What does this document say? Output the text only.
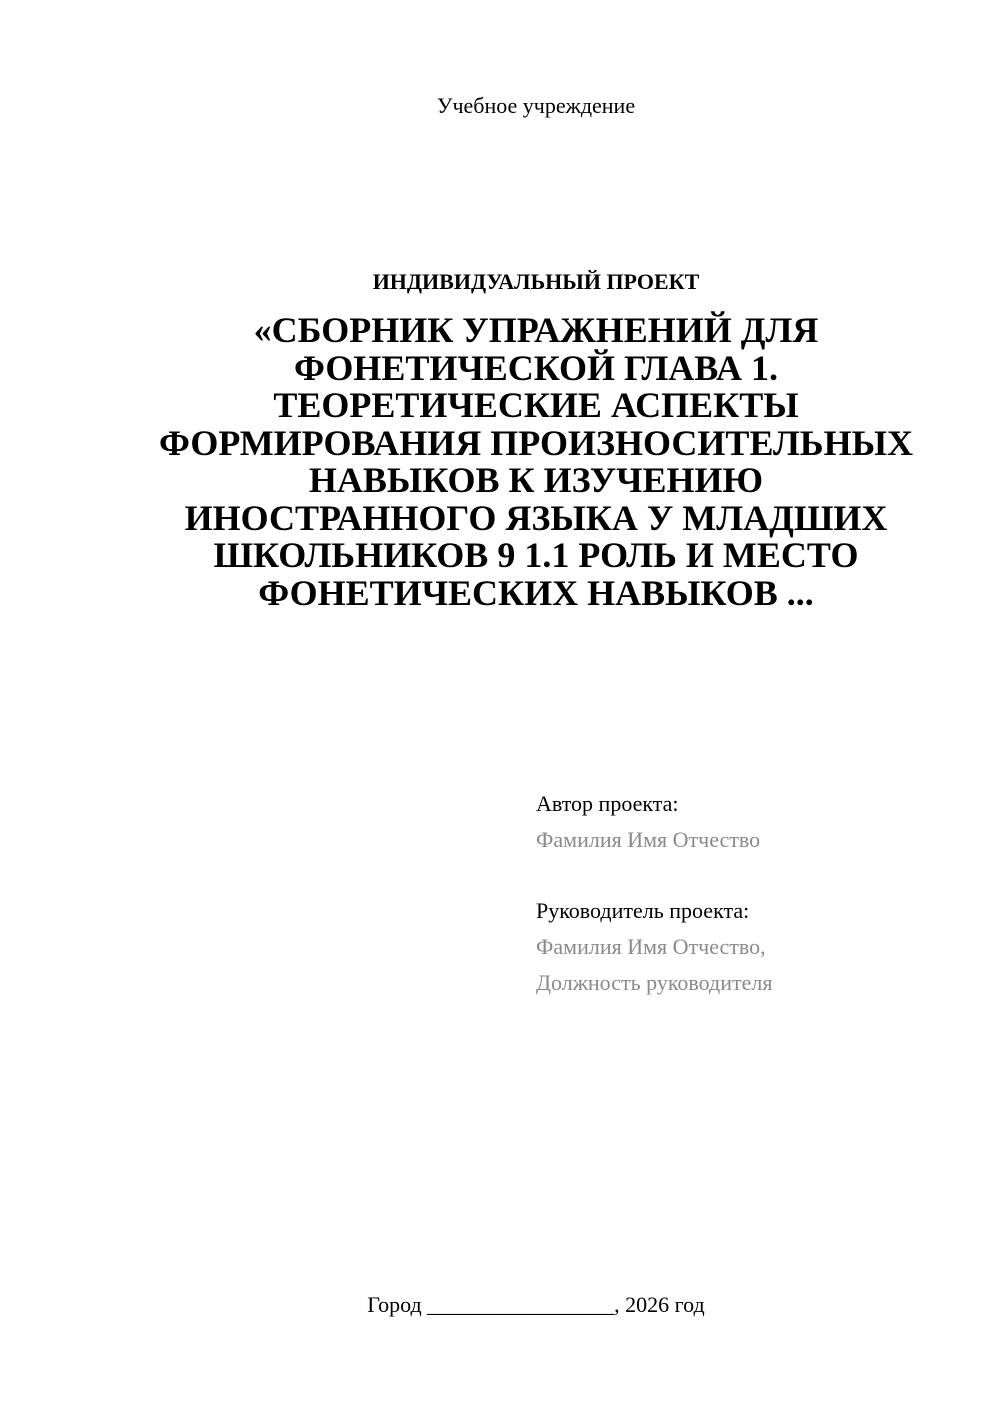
Учебное учреждение
ИНДИВИДУАЛЬНЫЙ ПРОЕКТ
«СБОРНИК УПРАЖНЕНИЙ ДЛЯ ФОНЕТИЧЕСКОЙ ГЛАВА 1. ТЕОРЕТИЧЕСКИЕ АСПЕКТЫ ФОРМИРОВАНИЯ ПРОИЗНОСИТЕЛЬНЫХ НАВЫКОВ К ИЗУЧЕНИЮ ИНОСТРАННОГО ЯЗЫКА У МЛАДШИХ ШКОЛЬНИКОВ 9 1.1 РОЛЬ И МЕСТО ФОНЕТИЧЕСКИХ НАВЫКОВ ...
Автор проекта:
Фамилия Имя Отчество
Руководитель проекта:
Фамилия Имя Отчество,
Должность руководителя
Город _________________, 2026 год
